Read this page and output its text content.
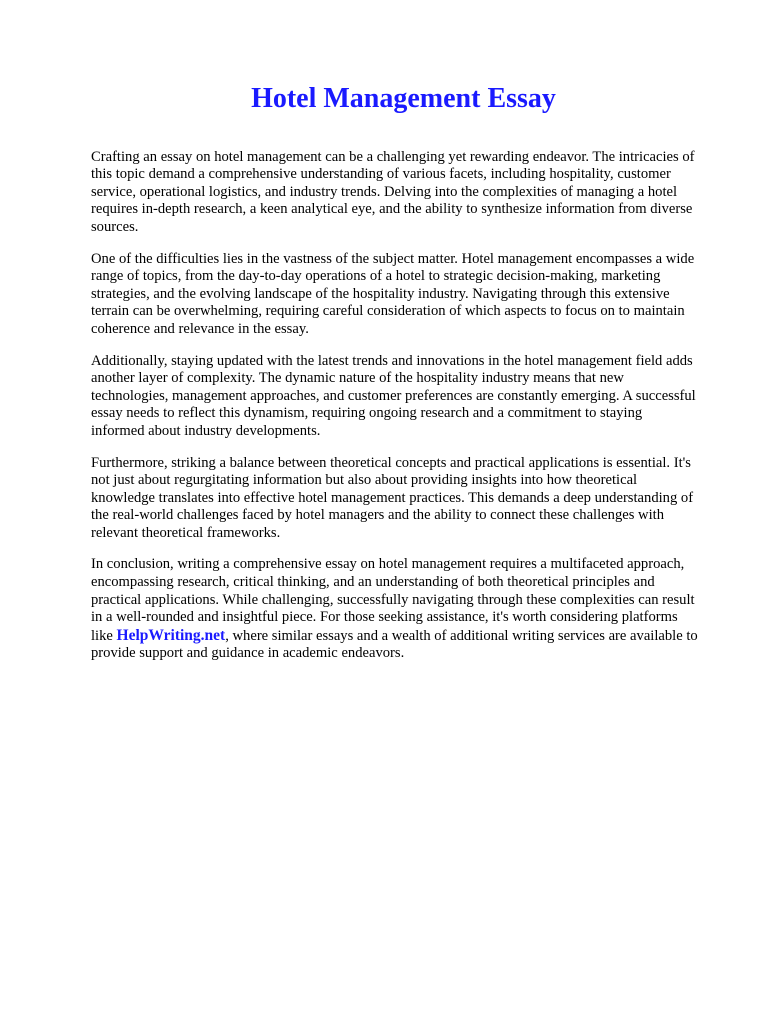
Hotel Management Essay

Crafting an essay on hotel management can be a challenging yet rewarding endeavor. The intricacies of this topic demand a comprehensive understanding of various facets, including hospitality, customer service, operational logistics, and industry trends. Delving into the complexities of managing a hotel requires in-depth research, a keen analytical eye, and the ability to synthesize information from diverse sources.

One of the difficulties lies in the vastness of the subject matter. Hotel management encompasses a wide range of topics, from the day-to-day operations of a hotel to strategic decision-making, marketing strategies, and the evolving landscape of the hospitality industry. Navigating through this extensive terrain can be overwhelming, requiring careful consideration of which aspects to focus on to maintain coherence and relevance in the essay.

Additionally, staying updated with the latest trends and innovations in the hotel management field adds another layer of complexity. The dynamic nature of the hospitality industry means that new technologies, management approaches, and customer preferences are constantly emerging. A successful essay needs to reflect this dynamism, requiring ongoing research and a commitment to staying informed about industry developments.

Furthermore, striking a balance between theoretical concepts and practical applications is essential. It's not just about regurgitating information but also about providing insights into how theoretical knowledge translates into effective hotel management practices. This demands a deep understanding of the real-world challenges faced by hotel managers and the ability to connect these challenges with relevant theoretical frameworks.

In conclusion, writing a comprehensive essay on hotel management requires a multifaceted approach, encompassing research, critical thinking, and an understanding of both theoretical principles and practical applications. While challenging, successfully navigating through these complexities can result in a well-rounded and insightful piece. For those seeking assistance, it's worth considering platforms like HelpWriting.net, where similar essays and a wealth of additional writing services are available to provide support and guidance in academic endeavors.
